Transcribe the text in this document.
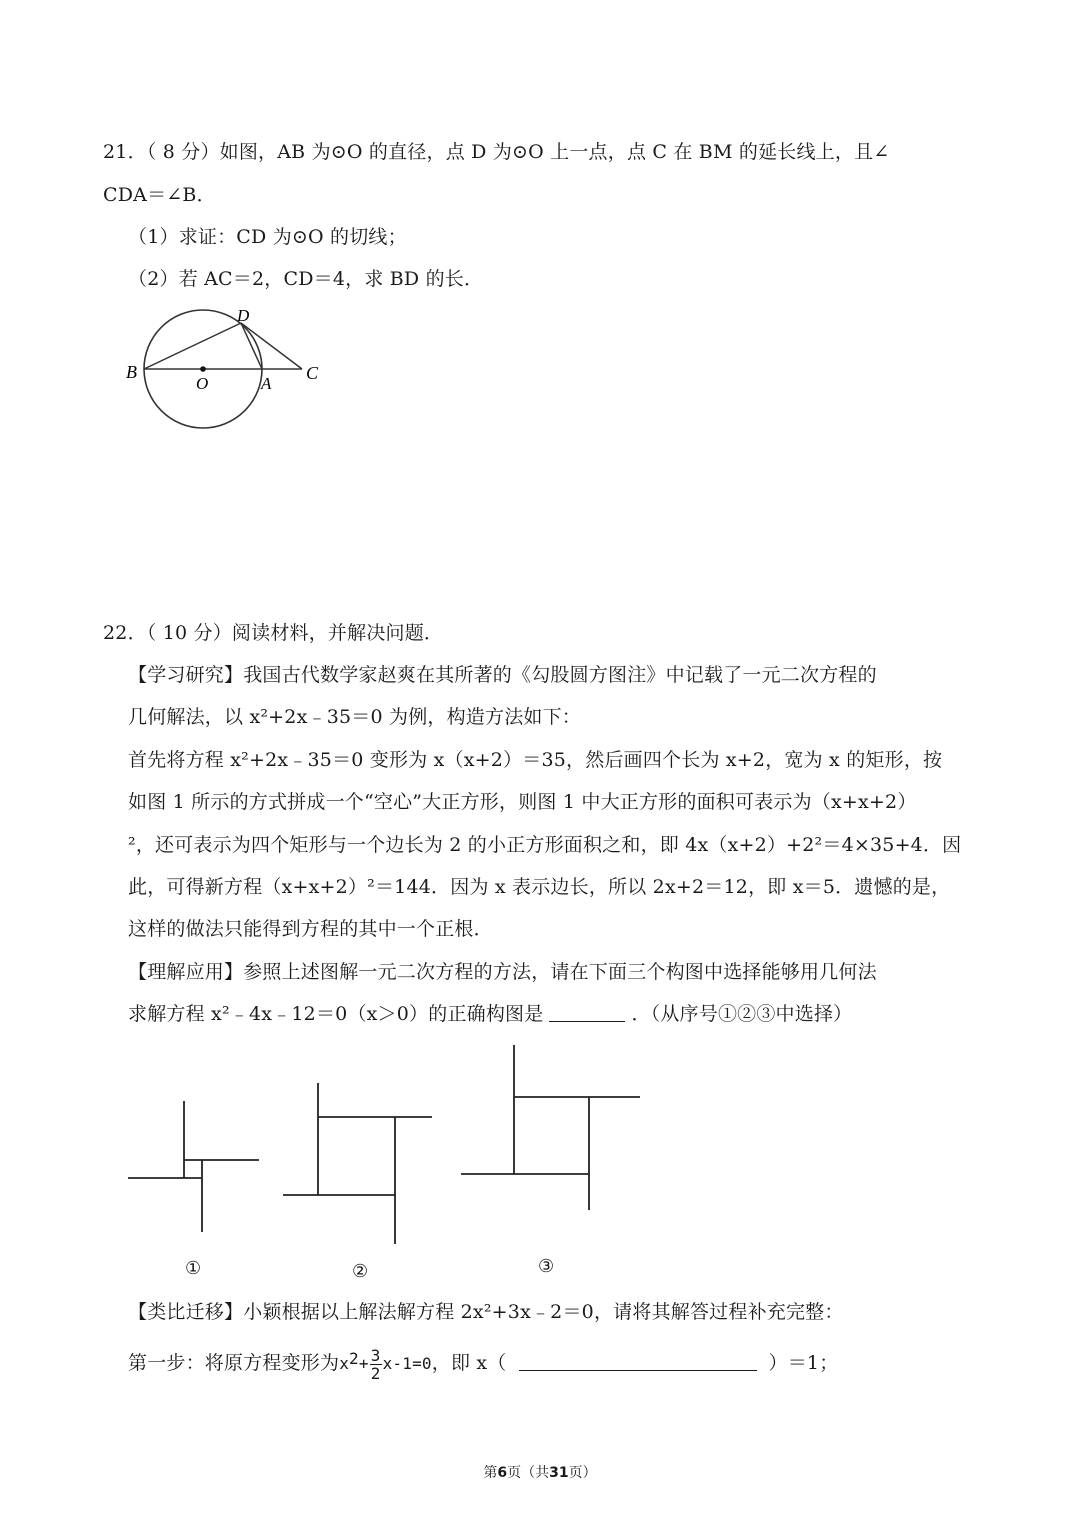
21．（ 8 分）如图，AB 为⊙O 的直径，点 D 为⊙O 上一点，点 C 在 BM 的延长线上，且∠
CDA＝∠B．
（1）求证：CD 为⊙O 的切线；
（2）若 AC＝2，CD＝4，求 BD 的长．
B
O	A
C
D
22．（ 10 分）阅读材料，并解决问题．
【学习研究】我国古代数学家赵爽在其所著的《勾股圆方图注》中记载了一元二次方程的
几何解法，以 x²+2x﹣35＝0 为例，构造方法如下：
首先将方程 x²+2x﹣35＝0 变形为 x（x+2）＝35，然后画四个长为 x+2，宽为 x 的矩形，按
如图 1 所示的方式拼成一个“空心”大正方形，则图 1 中大正方形的面积可表示为（x+x+2）
²，还可表示为四个矩形与一个边长为 2 的小正方形面积之和，即 4x（x+2）+2²＝4×35+4．因
此，可得新方程（x+x+2）²＝144．因为 x 表示边长，所以 2x+2＝12，即 x＝5．遗憾的是，
这样的做法只能得到方程的其中一个正根．
【理解应用】参照上述图解一元二次方程的方法，请在下面三个构图中选择能够用几何法
求解方程 x²﹣4x﹣12＝0（x＞0）的正确构图是	．（从序号①②③中选择）
①	②	③
【类比迁移】小颖根据以上解法解方程 2x²+3x﹣2＝0，请将其解答过程补充完整：
第一步：将原方程变形为$x^2+ \frac{3}{2} x-1=0$，即 x（	）＝1；
第6页（共31页）
